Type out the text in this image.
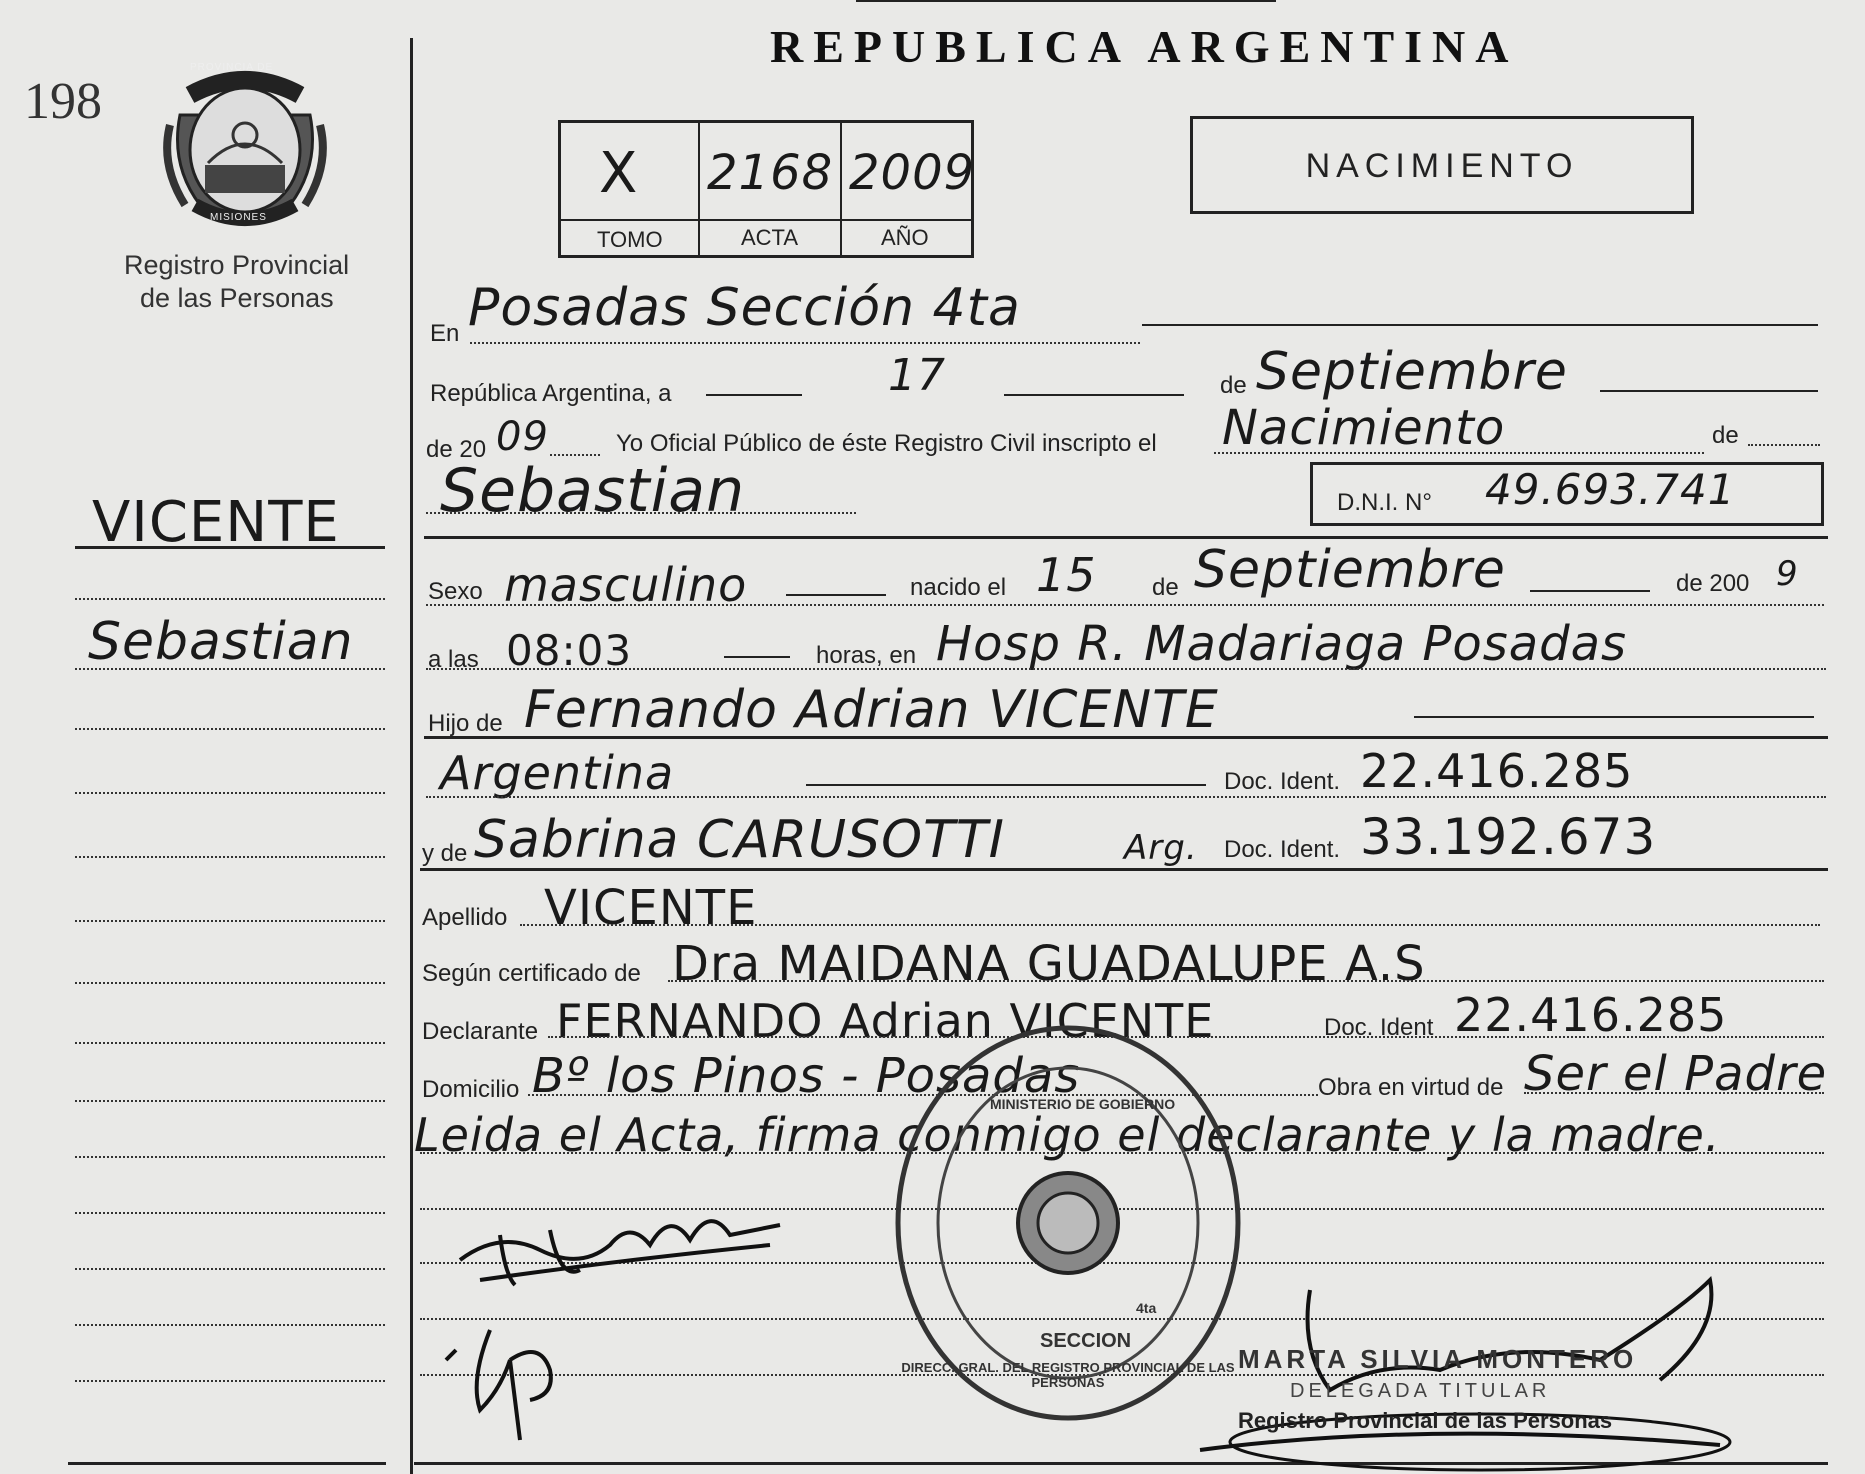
198
PROVINCIA DE
MISIONES
Registro Provincial
de las Personas
VICENTE
Sebastian
REPUBLICA ARGENTINA
X 2168 2009
TOMO	ACTA	AÑO
NACIMIENTO
En Posadas Sección 4ta
República Argentina, a	17	de Septiembre
de 20 09	Yo Oficial Público de éste Registro Civil inscripto el Nacimiento	de
Sebastian	D.N.I. N° 49.693.741
Sexo masculino	nacido el 15 de Septiembre	de 200 9
a las 08:03	horas, en Hosp R. Madariaga Posadas
Hijo de Fernando Adrian VICENTE
Argentina	Doc. Ident. 22.416.285
y de Sabrina CARUSOTTI	Arg. Doc. Ident. 33.192.673
Apellido VICENTE
Según certificado de Dra MAIDANA GUADALUPE A.S
Declarante FERNANDO Adrian VICENTE	Doc. Ident 22.416.285
Domicilio Bº los Pinos - Posadas	Obra en virtud de Ser el Padre
Leida el Acta, firma conmigo el declarante y la madre.
DIRECC. GRAL. DEL REGISTRO PROVINCIAL DE LAS PERSONAS
MINISTERIO DE GOBIERNO
SECCION
4ta
MARTA SILVIA MONTERO
DELEGADA TITULAR
Registro Provincial de las Personas
